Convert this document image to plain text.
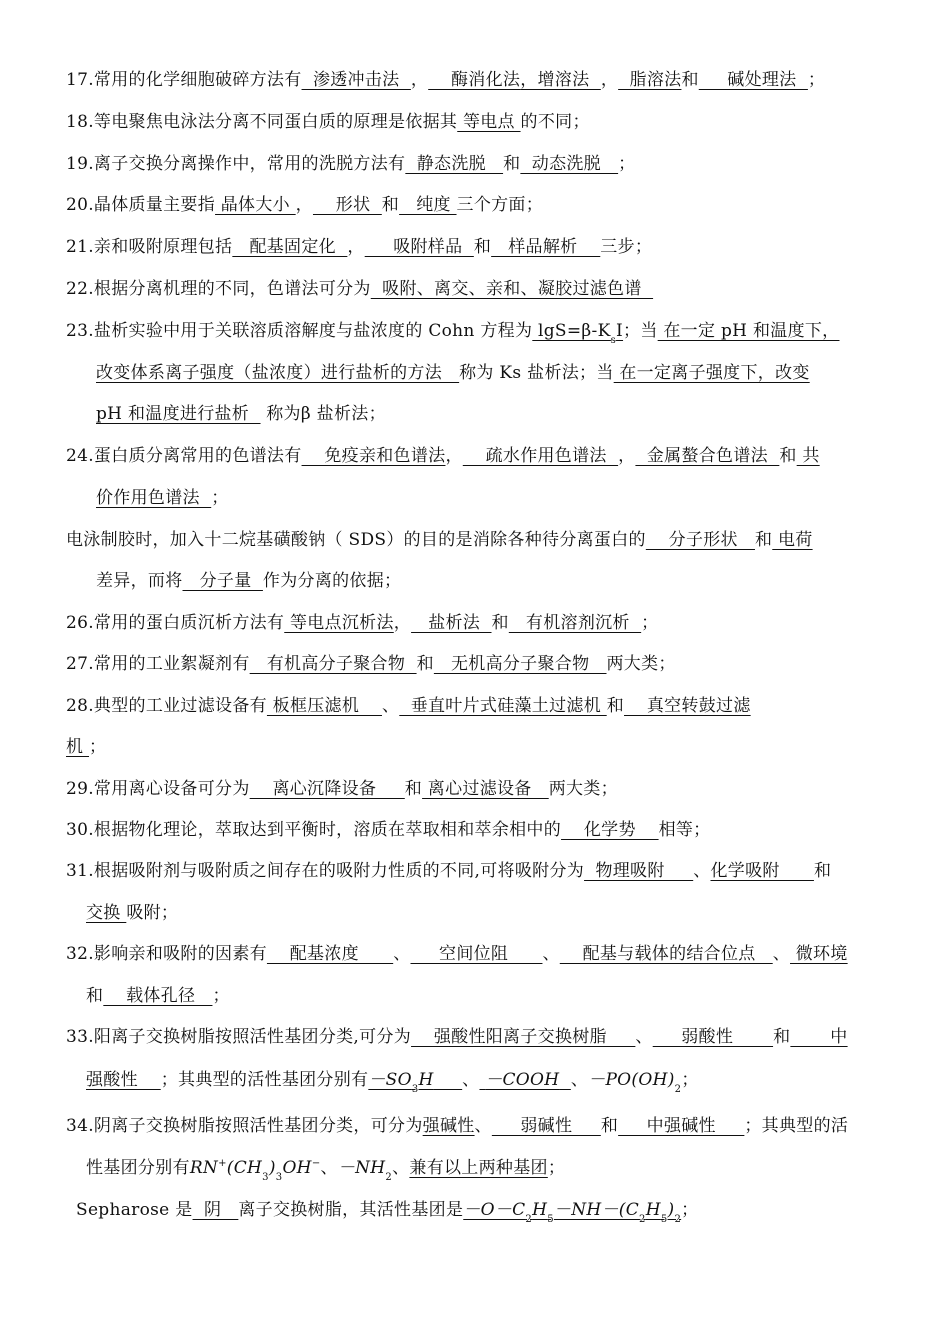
17.常用的化学细胞破碎方法有  渗透冲击法  ，    酶消化法，增溶法  ，  脂溶法和     碱处理法  ；
18.等电聚焦电泳法分离不同蛋白质的原理是依据其 等电点 的不同；
19.离子交换分离操作中，常用的洗脱方法有  静态洗脱   和  动态洗脱   ；
20.晶体质量主要指 晶体大小 ，    形状  和   纯度 三个方面；
21.亲和吸附原理包括   配基固定化  ，     吸附样品  和   样品解析    三步；
22.根据分离机理的不同，色谱法可分为  吸附、离交、亲和、凝胶过滤色谱
23.盐析实验中用于关联溶质溶解度与盐浓度的 Cohn 方程为 $\lg S=\beta-K_sI$；当 在一定 pH 和温度下，
改变体系离子强度（盐浓度）进行盐析的方法   称为 Ks 盐析法；当 在一定离子强度下，改变
pH 和温度进行盐析   称为β 盐析法；
24.蛋白质分离常用的色谱法有    免疫亲和色谱法，    疏水作用色谱法  ，  金属螯合色谱法  和 共
价作用色谱法  ；
电泳制胶时，加入十二烷基磺酸钠（ SDS）的目的是消除各种待分离蛋白的    分子形状   和 电荷
差异，而将   分子量  作为分离的依据；
26.常用的蛋白质沉析方法有 等电点沉析法，   盐析法  和   有机溶剂沉析  ；
27.常用的工业絮凝剂有   有机高分子聚合物  和   无机高分子聚合物   两大类；
28.典型的工业过滤设备有 板框压滤机    、  垂直叶片式硅藻土过滤机 和    真空转鼓过滤
机 ；
29.常用离心设备可分为    离心沉降设备     和 离心过滤设备   两大类；
30.根据物化理论，萃取达到平衡时，溶质在萃取相和萃余相中的    化学势    相等；
31.根据吸附剂与吸附质之间存在的吸附力性质的不同,可将吸附分为  物理吸附     、化学吸附      和
交换 吸附；
32.影响亲和吸附的因素有    配基浓度      、     空间位阻      、    配基与载体的结合位点   、 微环境
和    载体孔径   ；
33.阳离子交换树脂按照活性基团分类,可分为    强酸性阳离子交换树脂     、     弱酸性       和       中
强酸性    ；其典型的活性基团分别有$-SO_3H$ 、 －COOH 、$-PO(OH)_2$；
34.阴离子交换树脂按照活性基团分类，可分为强碱性、     弱碱性     和     中强碱性     ；其典型的活
性基团分别有$RN^+(CH_3)_3OH^-$、$-NH_2$、兼有以上两种基团；
Sepharose 是  阴   离子交换树脂，其活性基团是$-O-C_2H_5-NH-(C_2H_5)_2$；
